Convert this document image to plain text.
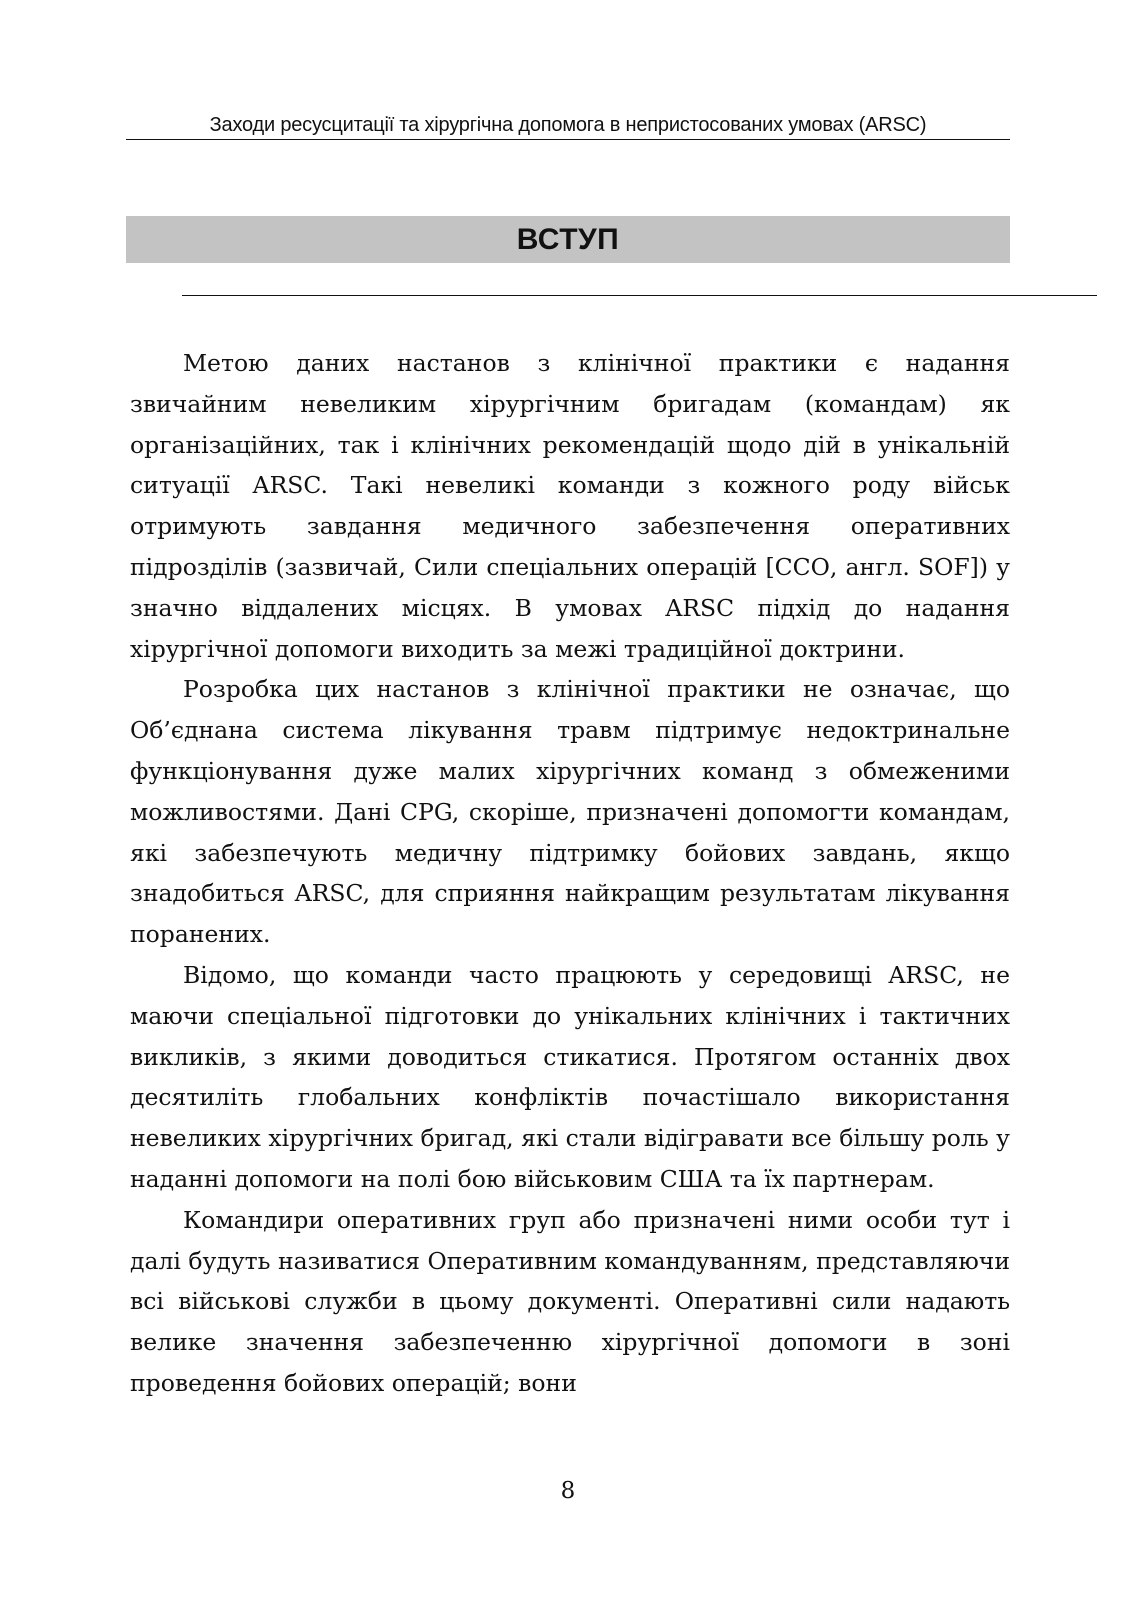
Заходи ресусцитації та хірургічна допомога в непристосованих умовах (ARSC)
ВСТУП

Метою даних настанов з клінічної практики є надання звичайним невеликим хірургічним бригадам (командам) як організаційних, так і клінічних рекомендацій щодо дій в унікальній ситуації ARSC. Такі невеликі команди з кожного роду військ отримують завдання медичного забезпечення оперативних підрозділів (зазвичай, Сили спеціальних операцій [ССО, англ. SOF]) у значно віддалених місцях. В умовах ARSC підхід до надання хірургічної допомоги виходить за межі традиційної доктрини.

Розробка цих настанов з клінічної практики не означає, що Об’єднана система лікування травм підтримує недоктринальне функціонування дуже малих хірургічних команд з обмеженими можливостями. Дані CPG, скоріше, призначені допомогти командам, які забезпечують медичну підтримку бойових завдань, якщо знадобиться ARSC, для сприяння найкращим результатам лікування поранених.

Відомо, що команди часто працюють у середовищі ARSC, не маючи спеціальної підготовки до унікальних клінічних і тактичних викликів, з якими доводиться стикатися. Протягом останніх двох десятиліть глобальних конфліктів почастішало використання невеликих хірургічних бригад, які стали відігравати все більшу роль у наданні допомоги на полі бою військовим США та їх партнерам.

Командири оперативних груп або призначені ними особи тут і далі будуть називатися Оперативним командуванням, представляючи всі військові служби в цьому документі. Оперативні сили надають велике значення забезпеченню хірургічної допомоги в зоні проведення бойових операцій; вони

8
